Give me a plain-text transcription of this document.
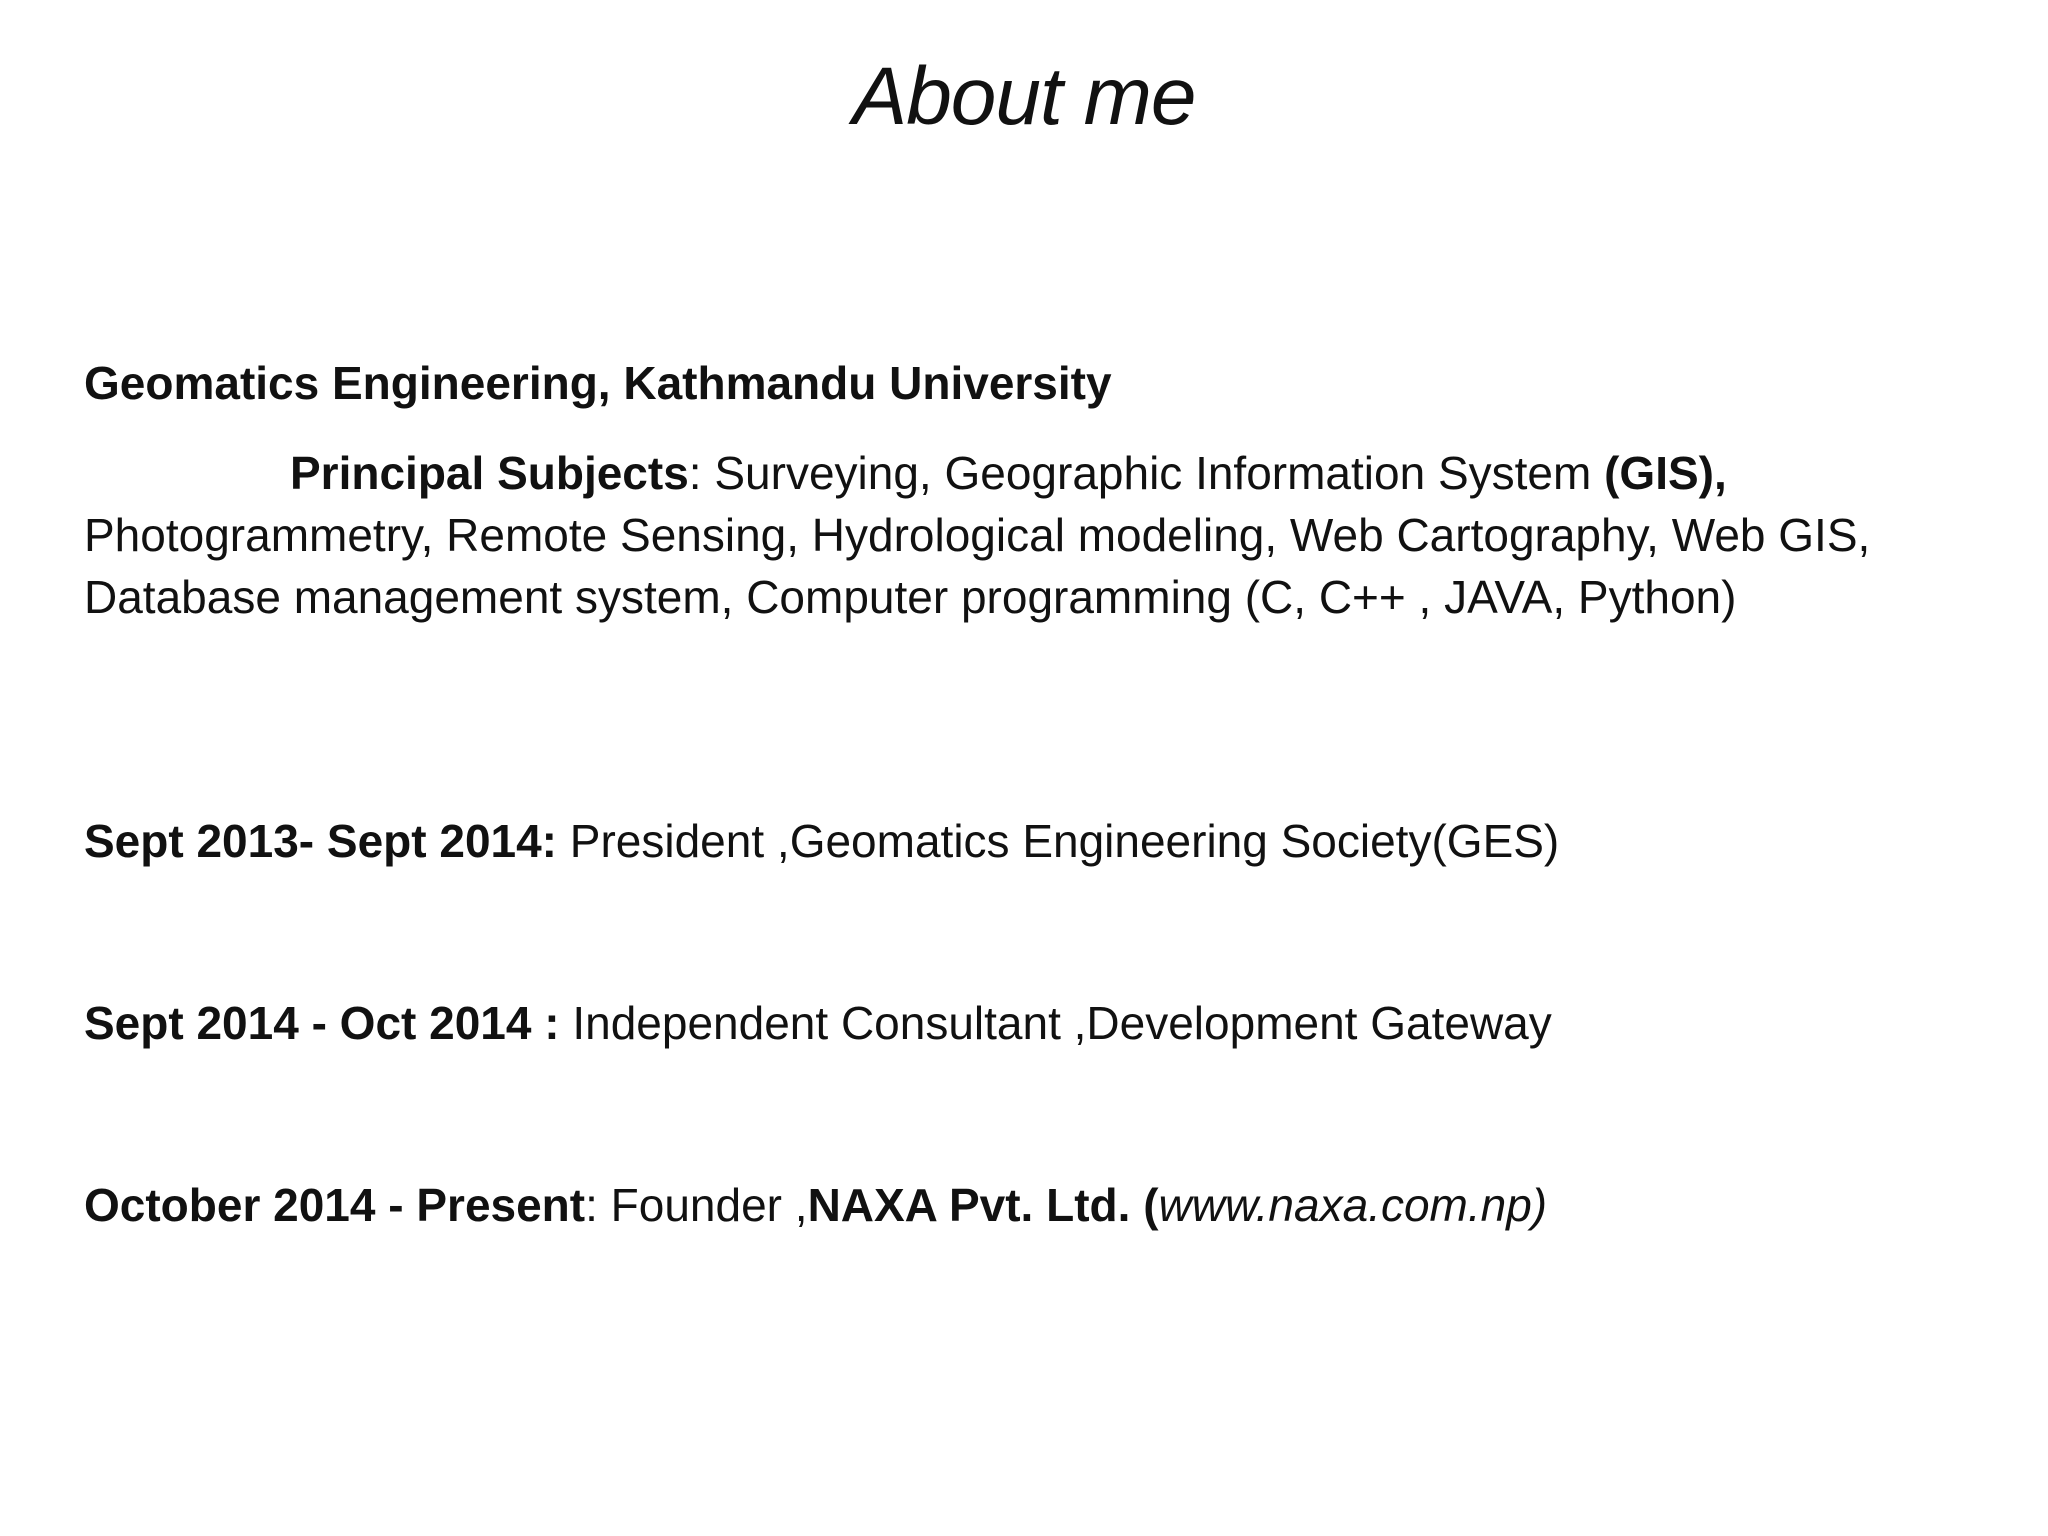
About me
Geomatics Engineering, Kathmandu University
Principal Subjects: Surveying, Geographic Information System (GIS), Photogrammetry, Remote Sensing, Hydrological modeling, Web Cartography, Web GIS, Database management system, Computer programming (C, C++ , JAVA, Python)
Sept 2013- Sept 2014: President ,Geomatics Engineering Society(GES)
Sept 2014 - Oct 2014 : Independent Consultant ,Development Gateway
October 2014 - Present: Founder ,NAXA Pvt. Ltd. (www.naxa.com.np)
